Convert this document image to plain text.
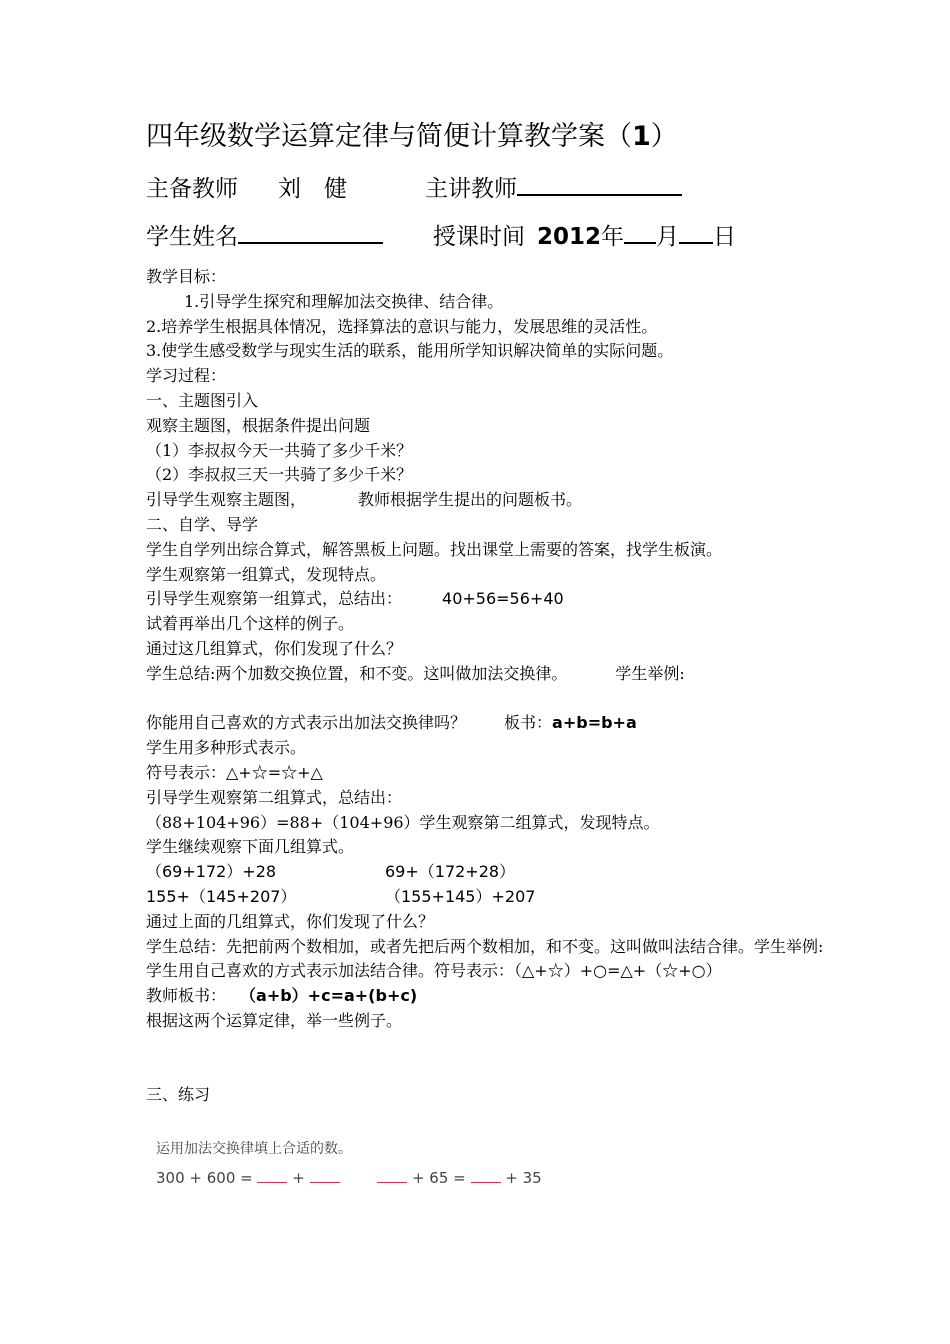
四年级数学运算定律与简便计算教学案（1）
主备教师 刘　健	主讲教师
学生姓名	授课时间 2012年 月 日
教学目标：
1.引导学生探究和理解加法交换律、结合律。
2.培养学生根据具体情况，选择算法的意识与能力，发展思维的灵活性。
3.使学生感受数学与现实生活的联系，能用所学知识解决简单的实际问题。
学习过程：
一、主题图引入
观察主题图，根据条件提出问题
（1）李叔叔今天一共骑了多少千米？
（2）李叔叔三天一共骑了多少千米？
引导学生观察主题图，	教师根据学生提出的问题板书。
二、自学、导学
学生自学列出综合算式，解答黑板上问题。找出课堂上需要的答案，找学生板演。
学生观察第一组算式，发现特点。
引导学生观察第一组算式，总结出：	40+56=56+40
试着再举出几个这样的例子。
通过这几组算式，你们发现了什么？
学生总结:两个加数交换位置，和不变。这叫做加法交换律。	学生举例:
你能用自己喜欢的方式表示出加法交换律吗？ 板书：a+b=b+a
学生用多种形式表示。
符号表示：△+☆=☆+△
引导学生观察第二组算式，总结出：
（88+104+96）=88+（104+96）学生观察第二组算式，发现特点。
学生继续观察下面几组算式。
（69+172）+28	69+（172+28）
155+（145+207）	（155+145）+207
通过上面的几组算式，你们发现了什么？
学生总结：先把前两个数相加，或者先把后两个数相加，和不变。这叫做叫法结合律。学生举例:
学生用自己喜欢的方式表示加法结合律。符号表示：（△+☆）+○=△+（☆+○）
教师板书： （a+b）+c=a+(b+c)
根据这两个运算定律，举一些例子。
三、练习
运用加法交换律填上合适的数。
300 + 600 =	+	+ 65 =	+ 35
